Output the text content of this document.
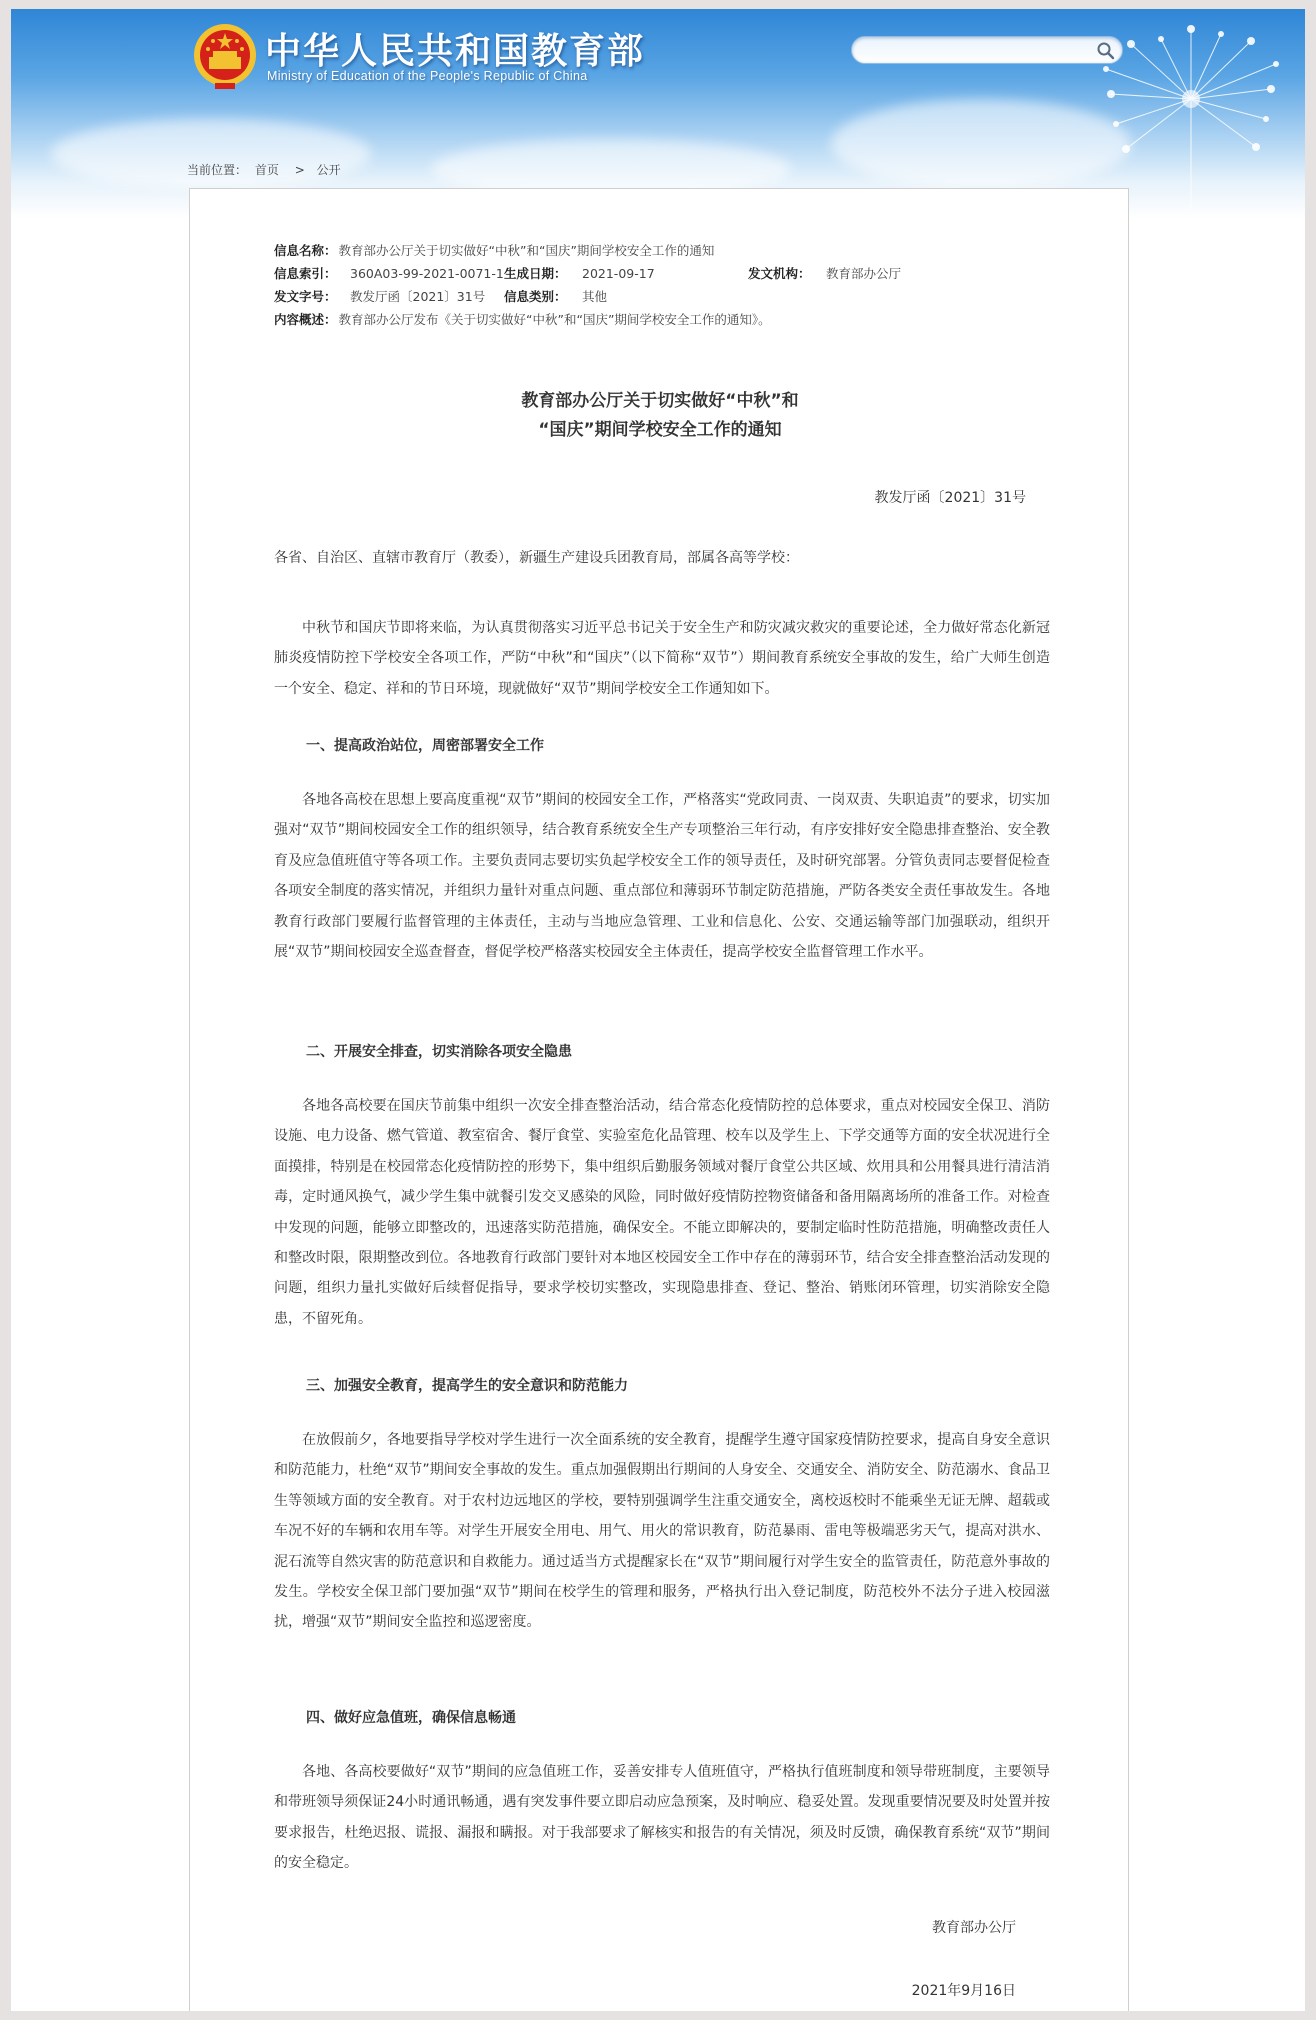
中华人民共和国教育部
Ministry of Education of the People's Republic of China
当前位置： 首页 > 公开
信息名称： 教育部办公厅关于切实做好“中秋”和“国庆”期间学校安全工作的通知
信息索引： 360A03-99-2021-0071-1 生成日期： 2021-09-17	发文机构： 教育部办公厅
发文字号： 教发厅函〔2021〕31号 信息类别： 其他
内容概述： 教育部办公厅发布《关于切实做好“中秋”和“国庆”期间学校安全工作的通知》。
教育部办公厅关于切实做好“中秋”和
“国庆”期间学校安全工作的通知
教发厅函〔2021〕31号
各省、自治区、直辖市教育厅（教委），新疆生产建设兵团教育局，部属各高等学校：
中秋节和国庆节即将来临，为认真贯彻落实习近平总书记关于安全生产和防灾减灾救灾的重要论述，全力做好常态化新冠肺炎疫情防控下学校安全各项工作，严防“中秋”和“国庆”（以下简称“双节”）期间教育系统安全事故的发生，给广大师生创造一个安全、稳定、祥和的节日环境，现就做好“双节”期间学校安全工作通知如下。
一、提高政治站位，周密部署安全工作
各地各高校在思想上要高度重视“双节”期间的校园安全工作，严格落实“党政同责、一岗双责、失职追责”的要求，切实加强对“双节”期间校园安全工作的组织领导，结合教育系统安全生产专项整治三年行动，有序安排好安全隐患排查整治、安全教育及应急值班值守等各项工作。主要负责同志要切实负起学校安全工作的领导责任，及时研究部署。分管负责同志要督促检查各项安全制度的落实情况，并组织力量针对重点问题、重点部位和薄弱环节制定防范措施，严防各类安全责任事故发生。各地教育行政部门要履行监督管理的主体责任，主动与当地应急管理、工业和信息化、公安、交通运输等部门加强联动，组织开展“双节”期间校园安全巡查督查，督促学校严格落实校园安全主体责任，提高学校安全监督管理工作水平。
二、开展安全排查，切实消除各项安全隐患
各地各高校要在国庆节前集中组织一次安全排查整治活动，结合常态化疫情防控的总体要求，重点对校园安全保卫、消防设施、电力设备、燃气管道、教室宿舍、餐厅食堂、实验室危化品管理、校车以及学生上、下学交通等方面的安全状况进行全面摸排，特别是在校园常态化疫情防控的形势下，集中组织后勤服务领域对餐厅食堂公共区域、炊用具和公用餐具进行清洁消毒，定时通风换气，减少学生集中就餐引发交叉感染的风险，同时做好疫情防控物资储备和备用隔离场所的准备工作。对检查中发现的问题，能够立即整改的，迅速落实防范措施，确保安全。不能立即解决的，要制定临时性防范措施，明确整改责任人和整改时限，限期整改到位。各地教育行政部门要针对本地区校园安全工作中存在的薄弱环节，结合安全排查整治活动发现的问题，组织力量扎实做好后续督促指导，要求学校切实整改，实现隐患排查、登记、整治、销账闭环管理，切实消除安全隐患，不留死角。
三、加强安全教育，提高学生的安全意识和防范能力
在放假前夕，各地要指导学校对学生进行一次全面系统的安全教育，提醒学生遵守国家疫情防控要求，提高自身安全意识和防范能力，杜绝“双节”期间安全事故的发生。重点加强假期出行期间的人身安全、交通安全、消防安全、防范溺水、食品卫生等领域方面的安全教育。对于农村边远地区的学校，要特别强调学生注重交通安全，离校返校时不能乘坐无证无牌、超载或车况不好的车辆和农用车等。对学生开展安全用电、用气、用火的常识教育，防范暴雨、雷电等极端恶劣天气，提高对洪水、泥石流等自然灾害的防范意识和自救能力。通过适当方式提醒家长在“双节”期间履行对学生安全的监管责任，防范意外事故的发生。学校安全保卫部门要加强“双节”期间在校学生的管理和服务，严格执行出入登记制度，防范校外不法分子进入校园滋扰，增强“双节”期间安全监控和巡逻密度。
四、做好应急值班，确保信息畅通
各地、各高校要做好“双节”期间的应急值班工作，妥善安排专人值班值守，严格执行值班制度和领导带班制度，主要领导和带班领导须保证24小时通讯畅通，遇有突发事件要立即启动应急预案，及时响应、稳妥处置。发现重要情况要及时处置并按要求报告，杜绝迟报、谎报、漏报和瞒报。对于我部要求了解核实和报告的有关情况，须及时反馈，确保教育系统“双节”期间的安全稳定。
教育部办公厅
2021年9月16日
